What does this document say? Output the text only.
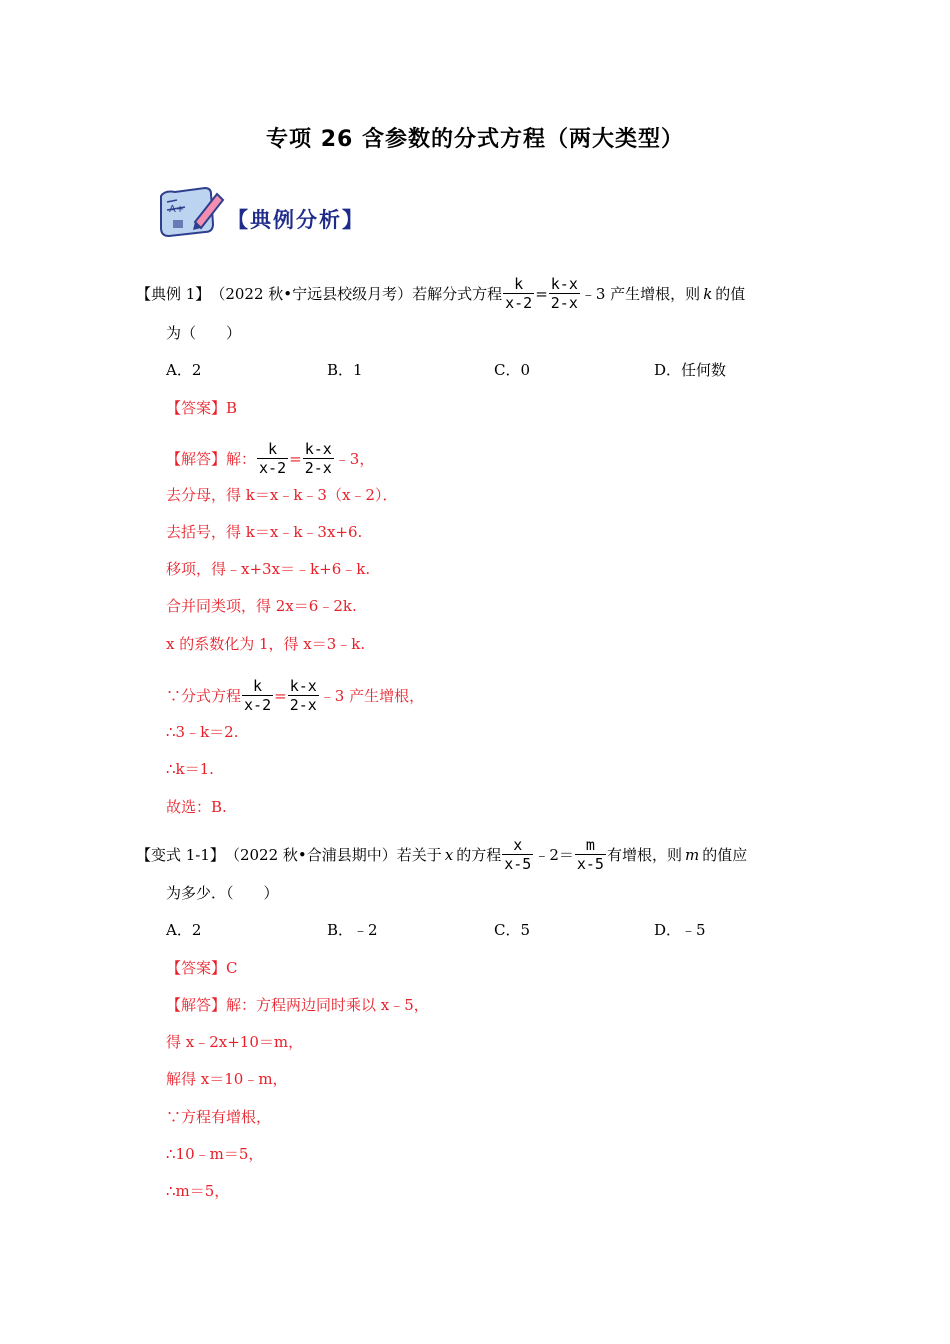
专项 26 含参数的分式方程（两大类型）
A+ 【典例分析】
【典例 1】 （2022 秋•宁远县校级月考）若解分式方程 $\frac{k}{x-2} = \frac{k-x}{2-x}$ ﹣3 产生增根，则 k 的值
为（　　）
A．2	B．1	C．0	D．任何数
【答案】B
【解答】解： $\frac{k}{x-2} = \frac{k-x}{2-x}$ ﹣3，
去分母，得 k＝x﹣k﹣3（x﹣2）．
去括号，得 k＝x﹣k﹣3x+6.
移项，得﹣x+3x＝﹣k+6﹣k.
合并同类项，得 2x＝6﹣2k.
x 的系数化为 1，得 x＝3﹣k.
∵分式方程 $\frac{k}{x-2} = \frac{k-x}{2-x}$ ﹣3 产生增根，
∴3﹣k＝2.
∴k＝1.
故选：B.
【变式 1-1】 （2022 秋•合浦县期中）若关于 x 的方程 $\frac{x}{x-5}$ ﹣2＝ $\frac{m}{x-5}$ 有增根，则 m 的值应
为多少．（　　）
A．2	B．﹣2	C．5	D．﹣5
【答案】C
【解答】解：方程两边同时乘以 x﹣5，
得 x﹣2x+10＝m，
解得 x＝10﹣m，
∵方程有增根，
∴10﹣m＝5，
∴m＝5，
